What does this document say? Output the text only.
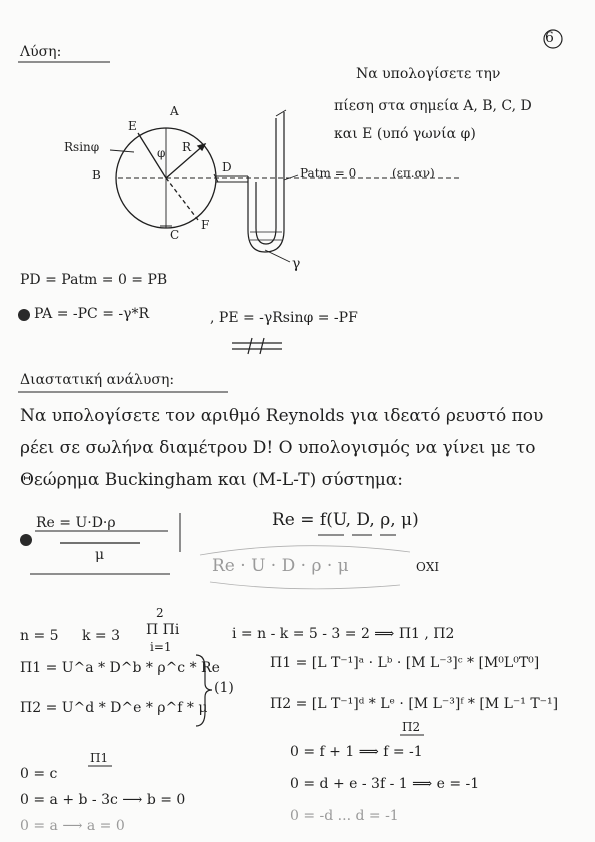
6
Λύση:
Να υπολογίσετε την
πίεση στα σημεία A, B, C, D
και E (υπό γωνία φ)
A
E
B
D
C
F
R
φ
Rsinφ
Patm = 0	(επ.αν)
γ
PD = Patm = 0 = PB
PA = -PC = -γ*R	, PE = -γRsinφ = -PF
Διαστατική ανάλυση:
Να υπολογίσετε τον αριθμό Reynolds για ιδεατό ρευστό που
ρέει σε σωλήνα διαμέτρου D! Ο υπολογισμός να γίνει με το
Θεώρημα Buckingham και (M-L-T) σύστημα:
Re = U·D·ρ
μ
Re = f(U, D, ρ, μ)
Re · U · D · ρ · μ	ΟΧΙ
n = 5 k = 3
2
Π Πi
i=1
i = n - k = 5 - 3 = 2 ⟹ Π1 , Π2
Π1 = U^a * D^b * ρ^c * Re
Π2 = U^d * D^e * ρ^f * μ
(1)
Π1 = [L T⁻¹]ᵃ · Lᵇ · [M L⁻³]ᶜ * [M⁰L⁰T⁰]
Π2 = [L T⁻¹]ᵈ * Lᵉ · [M L⁻³]ᶠ * [M L⁻¹ T⁻¹]
Π1
Π2
0 = c
0 = a + b - 3c ⟶ b = 0
0 = a ⟶ a = 0
0 = f + 1 ⟹ f = -1
0 = d + e - 3f - 1 ⟹ e = -1
0 = -d ... d = -1
